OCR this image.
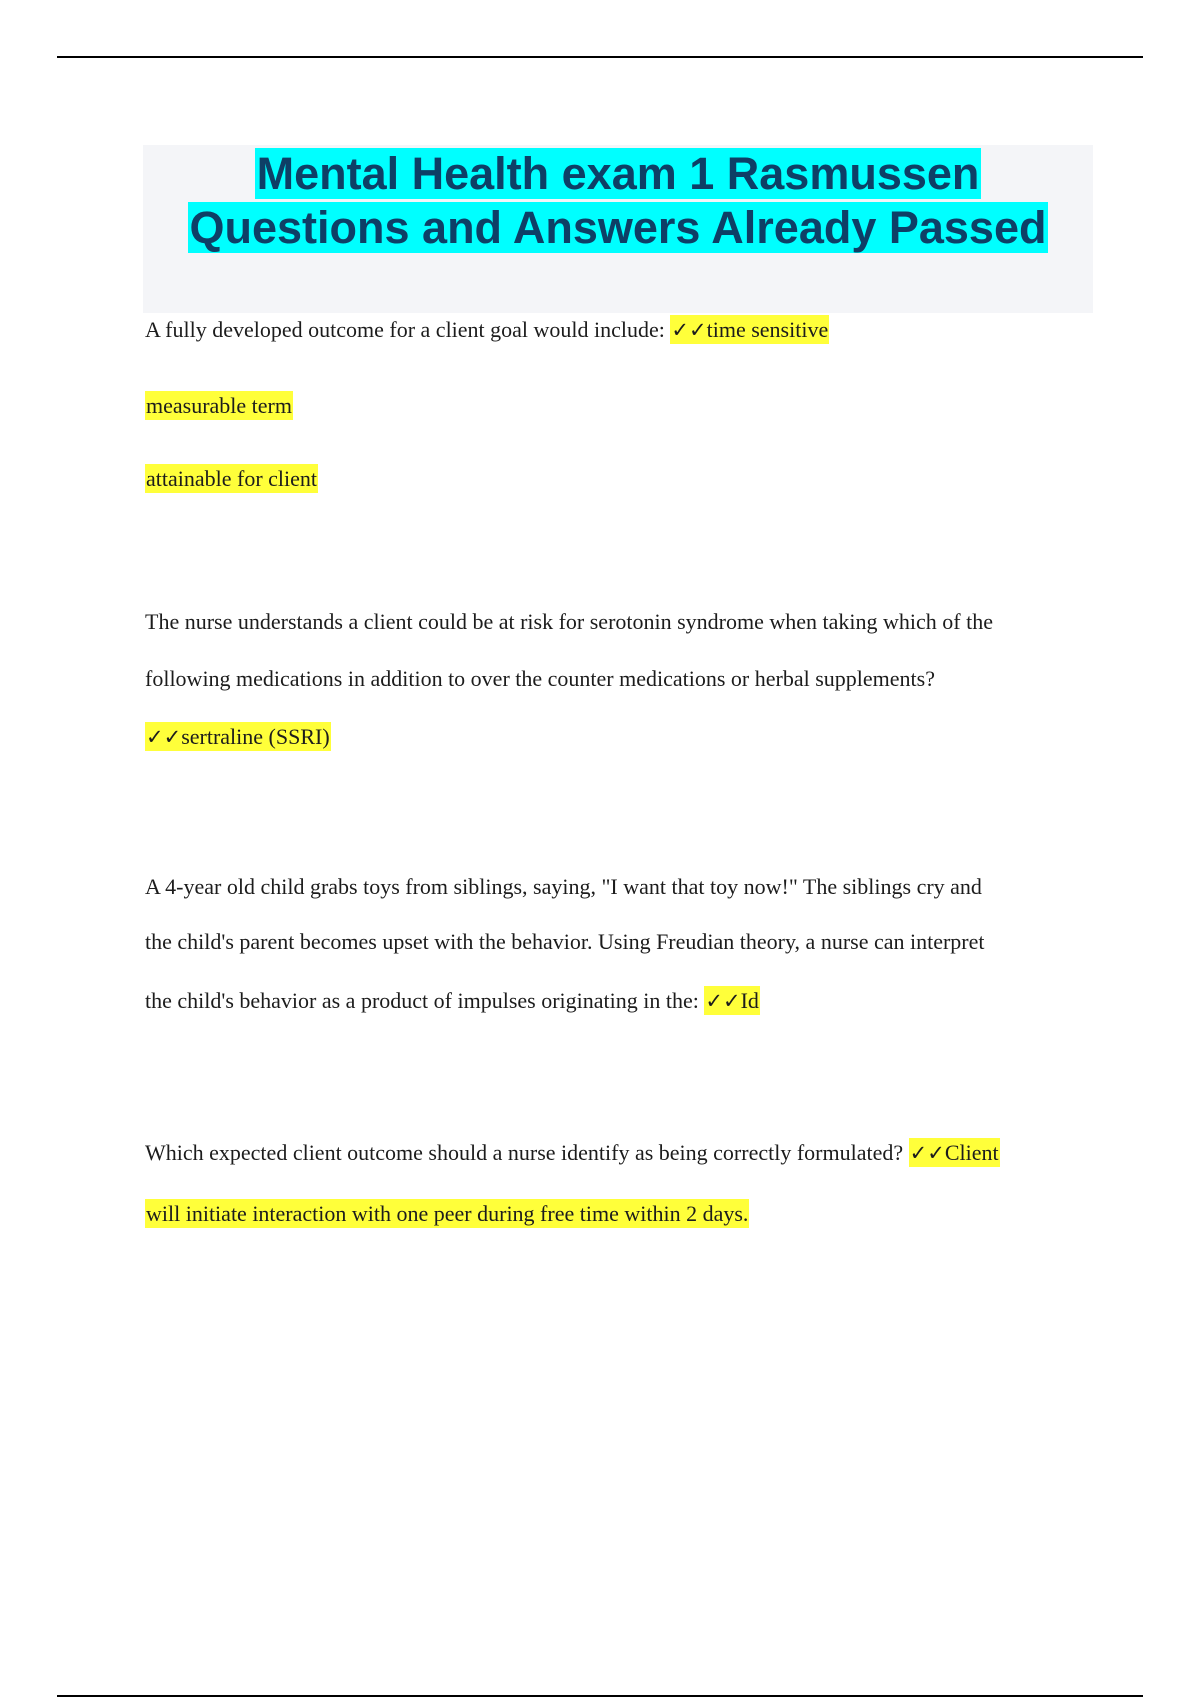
Mental Health exam 1 Rasmussen
Questions and Answers Already Passed
A fully developed outcome for a client goal would include: ✓✓time sensitive
measurable term
attainable for client
The nurse understands a client could be at risk for serotonin syndrome when taking which of the
following medications in addition to over the counter medications or herbal supplements?
✓✓sertraline (SSRI)
A 4-year old child grabs toys from siblings, saying, "I want that toy now!" The siblings cry and
the child's parent becomes upset with the behavior. Using Freudian theory, a nurse can interpret
the child's behavior as a product of impulses originating in the: ✓✓Id
Which expected client outcome should a nurse identify as being correctly formulated? ✓✓Client
will initiate interaction with one peer during free time within 2 days.
